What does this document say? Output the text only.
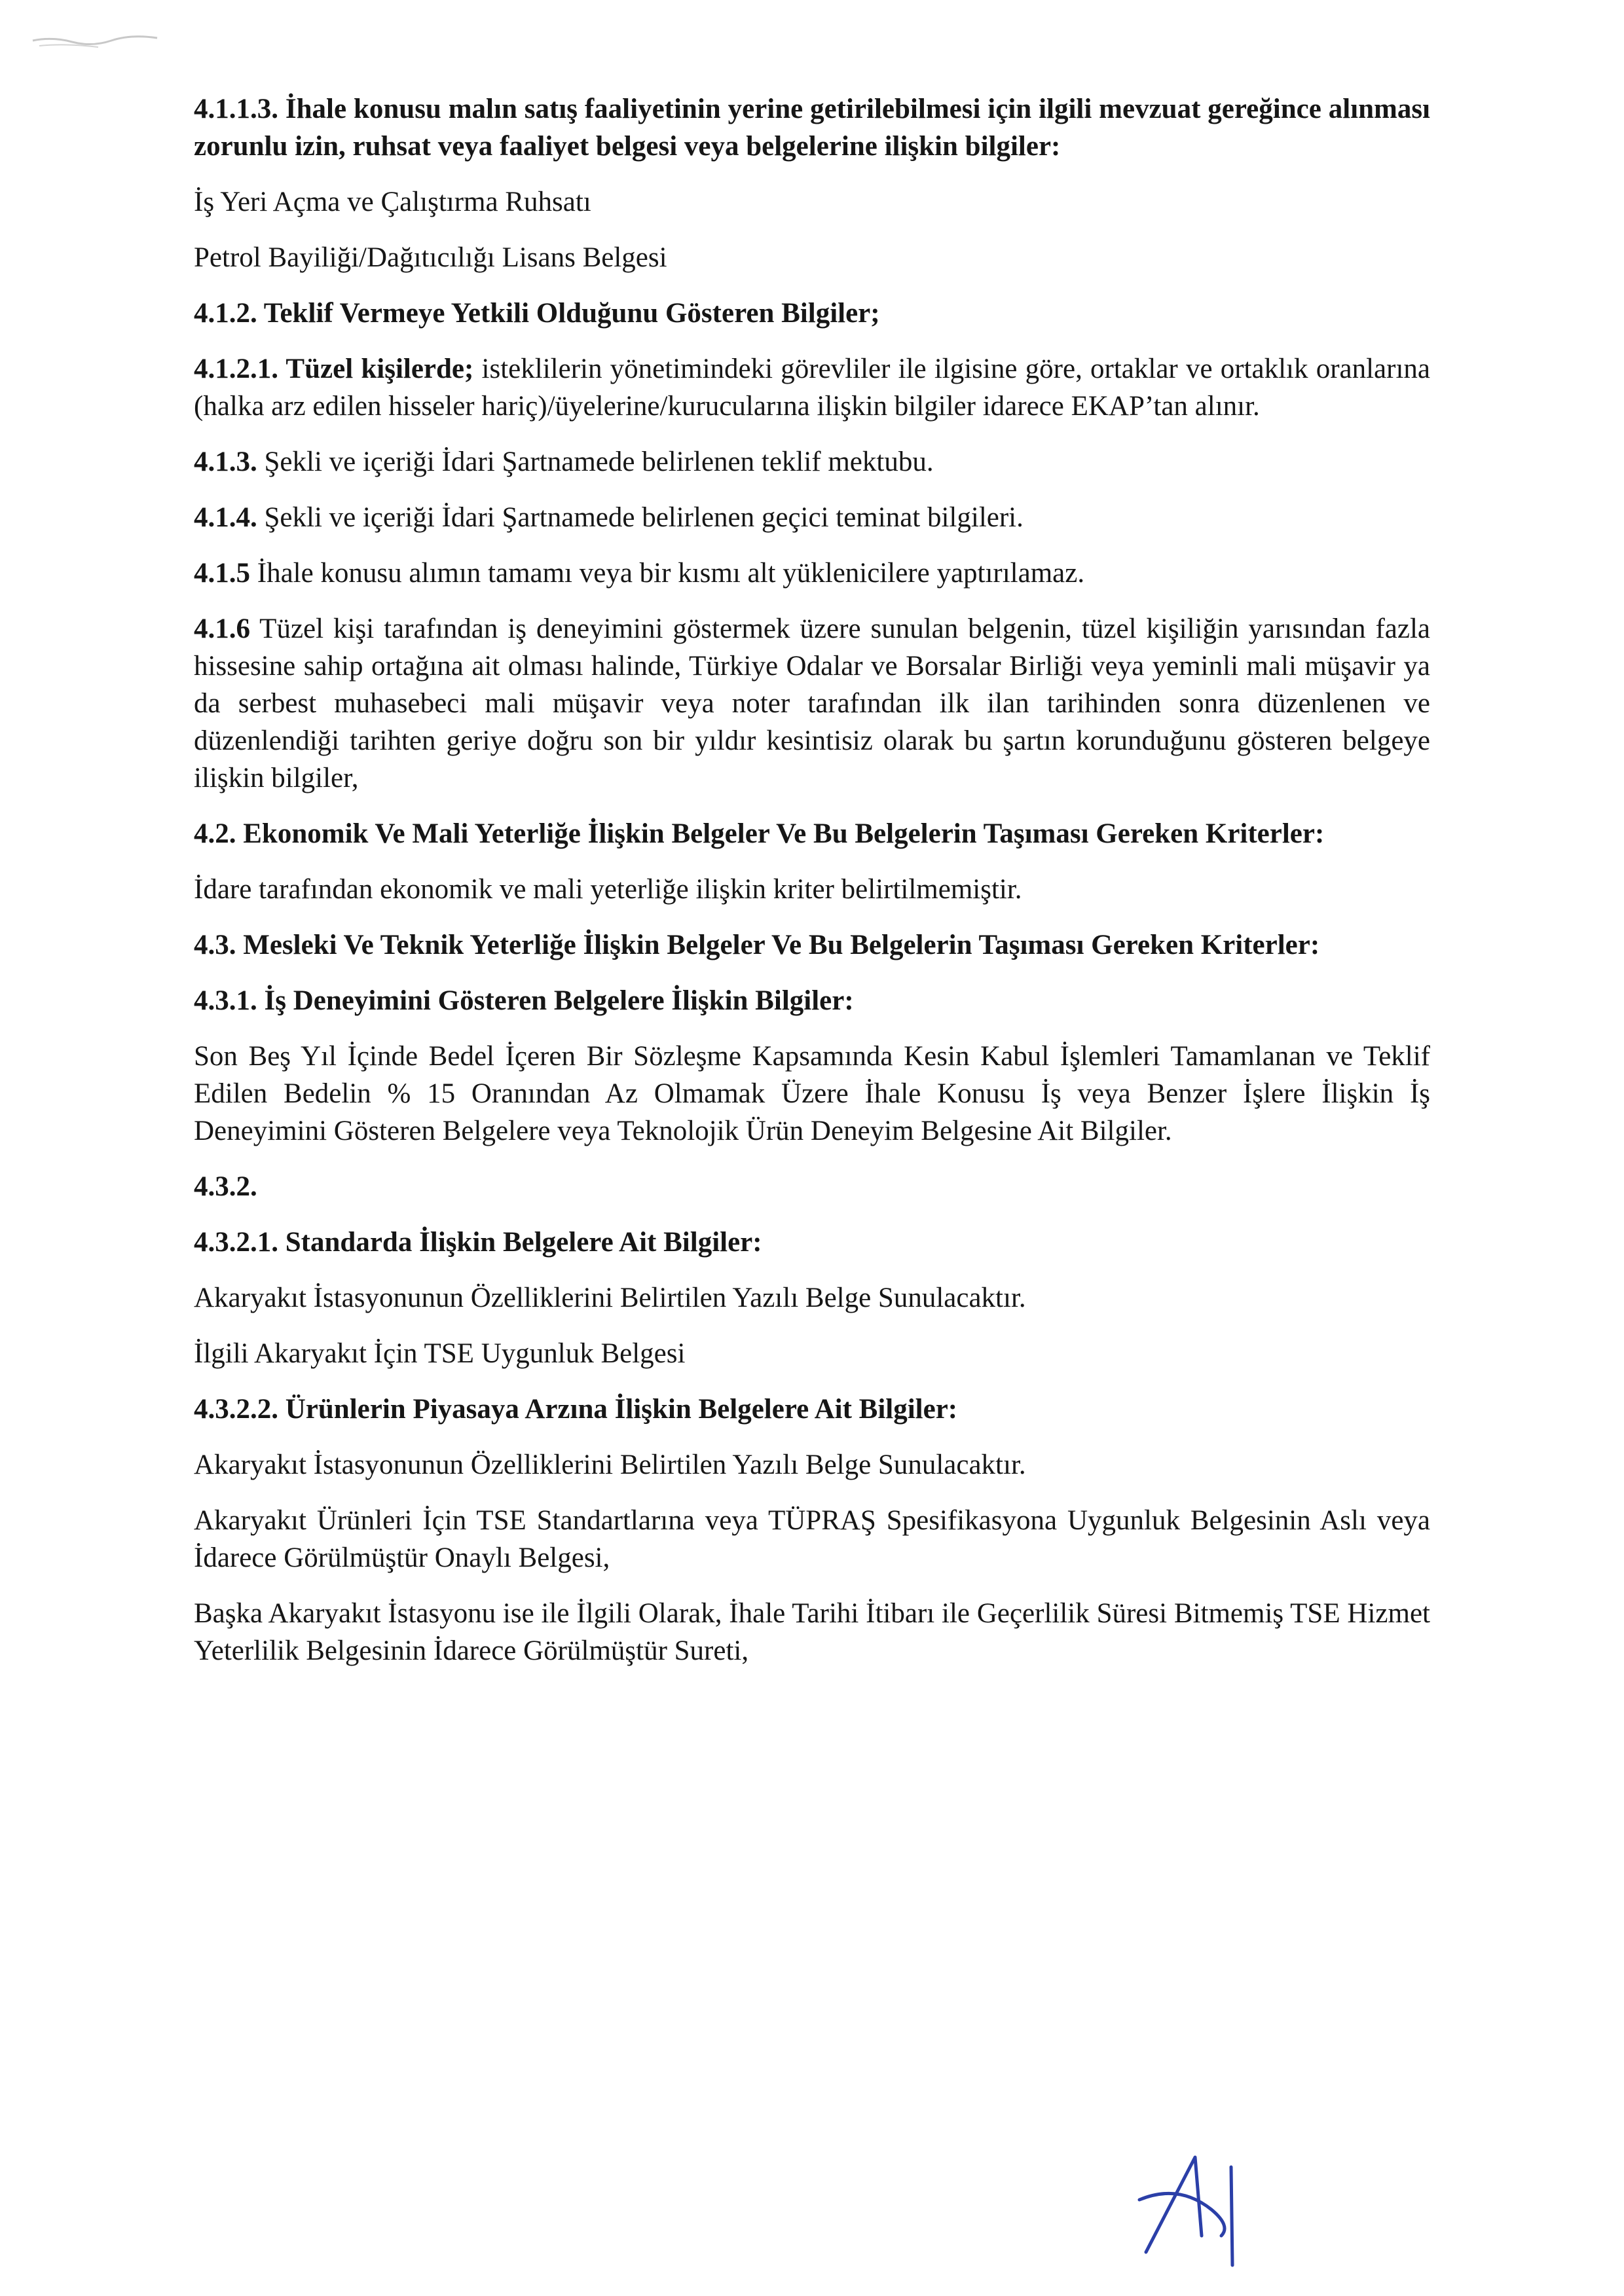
4.1.1.3. İhale konusu malın satış faaliyetinin yerine getirilebilmesi için ilgili mevzuat gereğince alınması zorunlu izin, ruhsat veya faaliyet belgesi veya belgelerine ilişkin bilgiler:

İş Yeri Açma ve Çalıştırma Ruhsatı

Petrol Bayiliği/Dağıtıcılığı Lisans Belgesi

4.1.2. Teklif Vermeye Yetkili Olduğunu Gösteren Bilgiler;

4.1.2.1. Tüzel kişilerde; isteklilerin yönetimindeki görevliler ile ilgisine göre, ortaklar ve ortaklık oranlarına (halka arz edilen hisseler hariç)/üyelerine/kurucularına ilişkin bilgiler idarece EKAP’tan alınır.

4.1.3. Şekli ve içeriği İdari Şartnamede belirlenen teklif mektubu.

4.1.4. Şekli ve içeriği İdari Şartnamede belirlenen geçici teminat bilgileri.

4.1.5 İhale konusu alımın tamamı veya bir kısmı alt yüklenicilere yaptırılamaz.

4.1.6 Tüzel kişi tarafından iş deneyimini göstermek üzere sunulan belgenin, tüzel kişiliğin yarısından fazla hissesine sahip ortağına ait olması halinde, Türkiye Odalar ve Borsalar Birliği veya yeminli mali müşavir ya da serbest muhasebeci mali müşavir veya noter tarafından ilk ilan tarihinden sonra düzenlenen ve düzenlendiği tarihten geriye doğru son bir yıldır kesintisiz olarak bu şartın korunduğunu gösteren belgeye ilişkin bilgiler,

4.2. Ekonomik Ve Mali Yeterliğe İlişkin Belgeler Ve Bu Belgelerin Taşıması Gereken Kriterler:

İdare tarafından ekonomik ve mali yeterliğe ilişkin kriter belirtilmemiştir.

4.3. Mesleki Ve Teknik Yeterliğe İlişkin Belgeler Ve Bu Belgelerin Taşıması Gereken Kriterler:

4.3.1. İş Deneyimini Gösteren Belgelere İlişkin Bilgiler:

Son Beş Yıl İçinde Bedel İçeren Bir Sözleşme Kapsamında Kesin Kabul İşlemleri Tamamlanan ve Teklif Edilen Bedelin % 15 Oranından Az Olmamak Üzere İhale Konusu İş veya Benzer İşlere İlişkin İş Deneyimini Gösteren Belgelere veya Teknolojik Ürün Deneyim Belgesine Ait Bilgiler.

4.3.2.

4.3.2.1. Standarda İlişkin Belgelere Ait Bilgiler:

Akaryakıt İstasyonunun Özelliklerini Belirtilen Yazılı Belge Sunulacaktır.

İlgili Akaryakıt İçin TSE Uygunluk Belgesi

4.3.2.2. Ürünlerin Piyasaya Arzına İlişkin Belgelere Ait Bilgiler:

Akaryakıt İstasyonunun Özelliklerini Belirtilen Yazılı Belge Sunulacaktır.

Akaryakıt Ürünleri İçin TSE Standartlarına veya TÜPRAŞ Spesifikasyona Uygunluk Belgesinin Aslı veya İdarece Görülmüştür Onaylı Belgesi,

Başka Akaryakıt İstasyonu ise ile İlgili Olarak, İhale Tarihi İtibarı ile Geçerlilik Süresi Bitmemiş TSE Hizmet Yeterlilik Belgesinin İdarece Görülmüştür Sureti,
